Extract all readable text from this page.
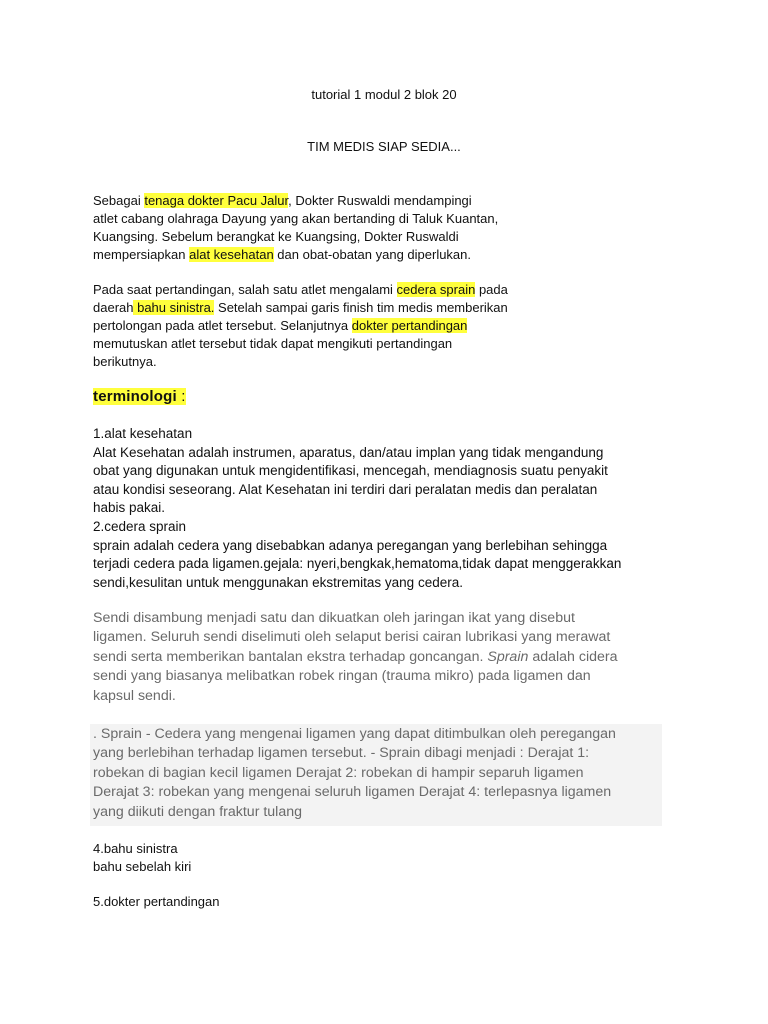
tutorial 1 modul 2 blok 20
TIM MEDIS SIAP SEDIA...
Sebagai tenaga dokter Pacu Jalur, Dokter Ruswaldi mendampingi
atlet cabang olahraga Dayung yang akan bertanding di Taluk Kuantan,
Kuangsing. Sebelum berangkat ke Kuangsing, Dokter Ruswaldi
mempersiapkan alat kesehatan dan obat-obatan yang diperlukan.
Pada saat pertandingan, salah satu atlet mengalami cedera sprain pada
daerah bahu sinistra. Setelah sampai garis finish tim medis memberikan
pertolongan pada atlet tersebut. Selanjutnya dokter pertandingan
memutuskan atlet tersebut tidak dapat mengikuti pertandingan
berikutnya.
terminologi :
1.alat kesehatan
Alat Kesehatan adalah instrumen, aparatus, dan/atau implan yang tidak mengandung
obat yang digunakan untuk mengidentifikasi, mencegah, mendiagnosis suatu penyakit
atau kondisi seseorang. Alat Kesehatan ini terdiri dari peralatan medis dan peralatan
habis pakai.
2.cedera sprain
sprain adalah cedera yang disebabkan adanya peregangan yang berlebihan sehingga
terjadi cedera pada ligamen.gejala: nyeri,bengkak,hematoma,tidak dapat menggerakkan
sendi,kesulitan untuk menggunakan ekstremitas yang cedera.
Sendi disambung menjadi satu dan dikuatkan oleh jaringan ikat yang disebut
ligamen. Seluruh sendi diselimuti oleh selaput berisi cairan lubrikasi yang merawat
sendi serta memberikan bantalan ekstra terhadap goncangan. Sprain adalah cidera
sendi yang biasanya melibatkan robek ringan (trauma mikro) pada ligamen dan
kapsul sendi.
. Sprain - Cedera yang mengenai ligamen yang dapat ditimbulkan oleh peregangan
yang berlebihan terhadap ligamen tersebut. - Sprain dibagi menjadi : Derajat 1:
robekan di bagian kecil ligamen Derajat 2: robekan di hampir separuh ligamen
Derajat 3: robekan yang mengenai seluruh ligamen Derajat 4: terlepasnya ligamen
yang diikuti dengan fraktur tulang
4.bahu sinistra
bahu sebelah kiri
5.dokter pertandingan
